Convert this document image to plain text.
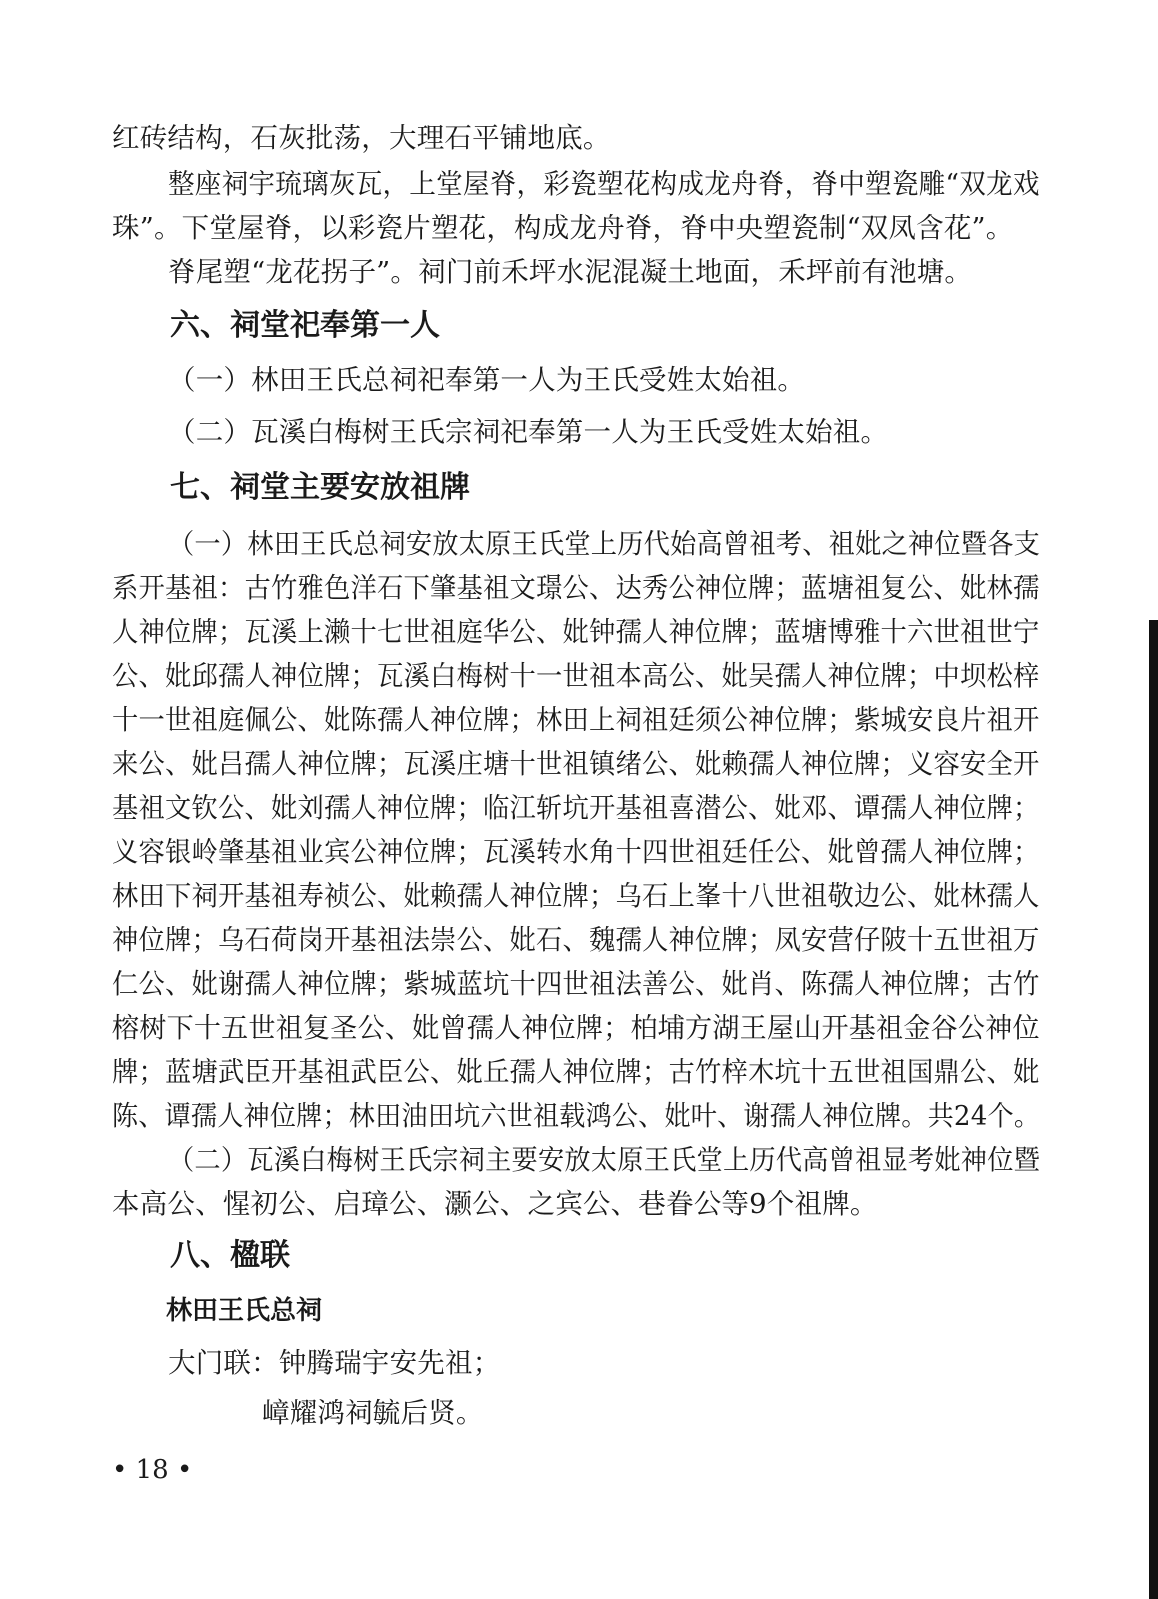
红砖结构，石灰批荡，大理石平铺地底。
整座祠宇琉璃灰瓦，上堂屋脊，彩瓷塑花构成龙舟脊，脊中塑瓷雕“双龙戏
珠”。下堂屋脊，以彩瓷片塑花，构成龙舟脊，脊中央塑瓷制“双凤含花”。
脊尾塑“龙花拐子”。祠门前禾坪水泥混凝土地面，禾坪前有池塘。
六、祠堂祀奉第一人
（一）林田王氏总祠祀奉第一人为王氏受姓太始祖。
（二）瓦溪白梅树王氏宗祠祀奉第一人为王氏受姓太始祖。
七、祠堂主要安放祖牌
（一）林田王氏总祠安放太原王氏堂上历代始高曾祖考、祖妣之神位暨各支
系开基祖：古竹雅色洋石下肇基祖文璟公、达秀公神位牌；蓝塘祖复公、妣林孺
人神位牌；瓦溪上濑十七世祖庭华公、妣钟孺人神位牌；蓝塘博雅十六世祖世宁
公、妣邱孺人神位牌；瓦溪白梅树十一世祖本高公、妣吴孺人神位牌；中坝松梓
十一世祖庭佩公、妣陈孺人神位牌；林田上祠祖廷须公神位牌；紫城安良片祖开
来公、妣吕孺人神位牌；瓦溪庄塘十世祖镇绪公、妣赖孺人神位牌；义容安全开
基祖文钦公、妣刘孺人神位牌；临江斩坑开基祖喜潜公、妣邓、谭孺人神位牌；
义容银岭肇基祖业宾公神位牌；瓦溪转水角十四世祖廷任公、妣曾孺人神位牌；
林田下祠开基祖寿祯公、妣赖孺人神位牌；乌石上峯十八世祖敬边公、妣林孺人
神位牌；乌石荷岗开基祖法崇公、妣石、魏孺人神位牌；凤安营仔陂十五世祖万
仁公、妣谢孺人神位牌；紫城蓝坑十四世祖法善公、妣肖、陈孺人神位牌；古竹
榕树下十五世祖复圣公、妣曾孺人神位牌；柏埔方湖王屋山开基祖金谷公神位
牌；蓝塘武臣开基祖武臣公、妣丘孺人神位牌；古竹梓木坑十五世祖国鼎公、妣
陈、谭孺人神位牌；林田油田坑六世祖载鸿公、妣叶、谢孺人神位牌。共24个。
（二）瓦溪白梅树王氏宗祠主要安放太原王氏堂上历代高曾祖显考妣神位暨
本高公、惺初公、启璋公、灏公、之宾公、巷眷公等9个祖牌。
八、楹联
林田王氏总祠
大门联：钟腾瑞宇安先祖；
嶂耀鸿祠毓后贤。
• 18 •
